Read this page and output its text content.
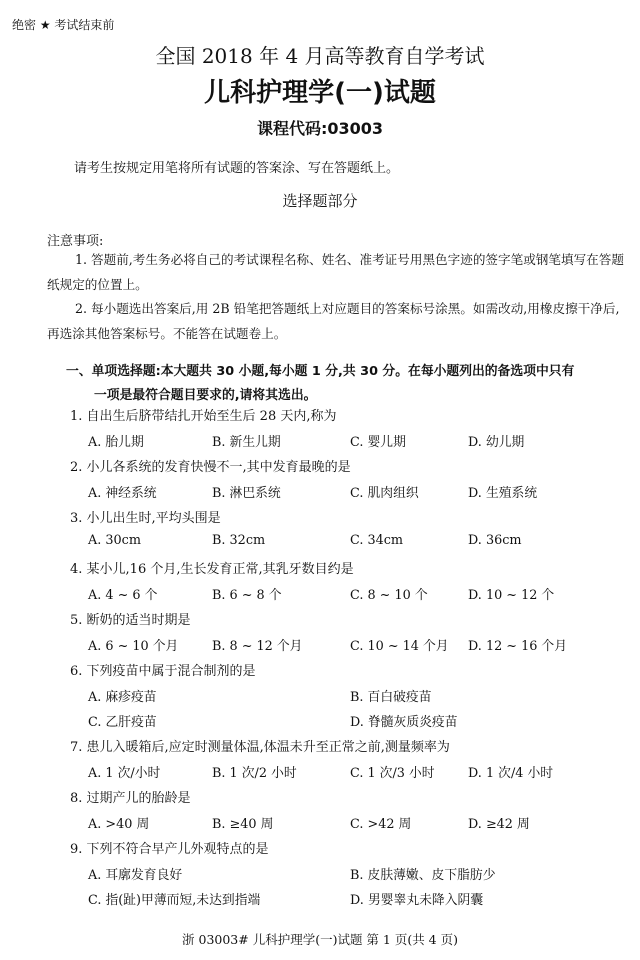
绝密 ★ 考试结束前
全国 2018 年 4 月高等教育自学考试
儿科护理学(一)试题
课程代码:03003
请考生按规定用笔将所有试题的答案涂、写在答题纸上。
选择题部分
注意事项:
1. 答题前,考生务必将自己的考试课程名称、姓名、准考证号用黑色字迹的签字笔或钢笔填写在答题纸规定的位置上。
2. 每小题选出答案后,用 2B 铅笔把答题纸上对应题目的答案标号涂黑。如需改动,用橡皮擦干净后,再选涂其他答案标号。不能答在试题卷上。
一、单项选择题:本大题共 30 小题,每小题 1 分,共 30 分。在每小题列出的备选项中只有
一项是最符合题目要求的,请将其选出。
1. 自出生后脐带结扎开始至生后 28 天内,称为
A. 胎儿期	B. 新生儿期	C. 婴儿期	D. 幼儿期
2. 小儿各系统的发育快慢不一,其中发育最晚的是
A. 神经系统	B. 淋巴系统	C. 肌肉组织	D. 生殖系统
3. 小儿出生时,平均头围是
A. 30cm	B. 32cm	C. 34cm	D. 36cm
4. 某小儿,16 个月,生长发育正常,其乳牙数目约是
A. 4 ~ 6 个	B. 6 ~ 8 个	C. 8 ~ 10 个	D. 10 ~ 12 个
5. 断奶的适当时期是
A. 6 ~ 10 个月	B. 8 ~ 12 个月	C. 10 ~ 14 个月 D. 12 ~ 16 个月
6. 下列疫苗中属于混合制剂的是
A. 麻疹疫苗	B. 百白破疫苗
C. 乙肝疫苗	D. 脊髓灰质炎疫苗
7. 患儿入暖箱后,应定时测量体温,体温未升至正常之前,测量频率为
A. 1 次/小时	B. 1 次/2 小时	C. 1 次/3 小时	D. 1 次/4 小时
8. 过期产儿的胎龄是
A. >40 周	B. ≥40 周	C. >42 周	D. ≥42 周
9. 下列不符合早产儿外观特点的是
A. 耳廓发育良好	B. 皮肤薄嫩、皮下脂肪少
C. 指(趾)甲薄而短,未达到指端	D. 男婴睾丸未降入阴囊
浙 03003# 儿科护理学(一)试题 第 1 页(共 4 页)
